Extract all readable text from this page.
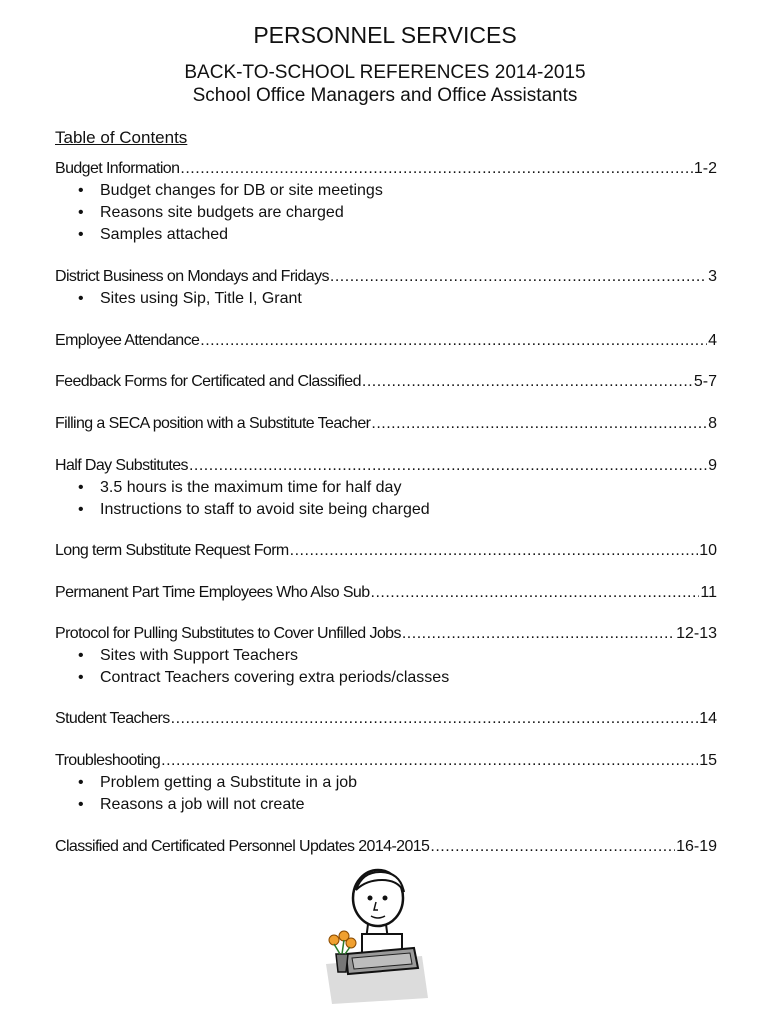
PERSONNEL SERVICES
BACK-TO-SCHOOL REFERENCES 2014-2015
School Office Managers and Office Assistants
Table of Contents
Budget Information .....	1-2
• Budget changes for DB or site meetings
• Reasons site budgets are charged
• Samples attached
District Business on Mondays and Fridays .....	3
• Sites using Sip, Title I, Grant
Employee Attendance .....	4
Feedback Forms for Certificated and Classified .....	5-7
Filling a SECA position with a Substitute Teacher .....	8
Half Day Substitutes .....	9
• 3.5 hours is the maximum time for half day
• Instructions to staff to avoid site being charged
Long term Substitute Request Form .....	10
Permanent Part Time Employees Who Also Sub .....	11
Protocol for Pulling Substitutes to Cover Unfilled Jobs .....	12-13
• Sites with Support Teachers
• Contract Teachers covering extra periods/classes
Student Teachers .....	14
Troubleshooting .....	15
• Problem getting a Substitute in a job
• Reasons a job will not create
Classified and Certificated Personnel Updates 2014-2015 .....	16-19
